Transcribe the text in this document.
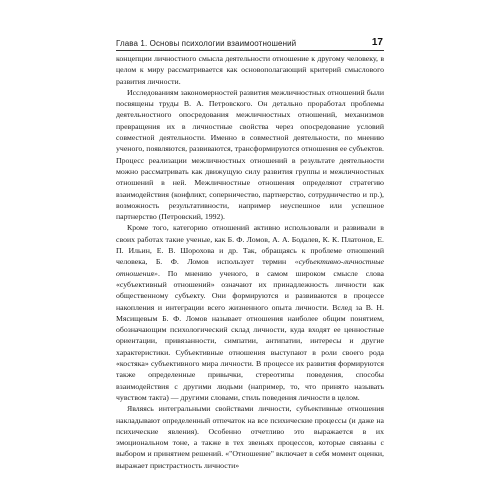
Глава 1. Основы психологии взаимоотношений	17

концепции личностного смысла деятельности отношение к другому человеку, в целом к миру рассматривается как основополагающий критерий смыслового развития личности.

Исследованиям закономерностей развития межличностных отношений были посвящены труды В. А. Петровского. Он детально проработал проблемы деятельностного опосредования межличностных отношений, механизмов превращения их в личностные свойства через опосредование условий совместной деятельности. Именно в совместной деятельности, по мнению ученого, появляются, развиваются, трансформируются отношения ее субъектов. Процесс реализации межличностных отношений в результате деятельности можно рассматривать как движущую силу развития группы и межличностных отношений в ней. Межличностные отношения определяют стратегию взаимодействия (конфликт, соперничество, партнерство, сотрудничество и пр.), возможность результативности, например неуспешное или успешное партнерство (Петровский, 1992).

Кроме того, категорию отношений активно использовали и развивали в своих работах такие ученые, как Б. Ф. Ломов, А. А. Бодалев, К. К. Платонов, Е. П. Ильин, Е. В. Шорохова и др. Так, обращаясь к проблеме отношений человека, Б. Ф. Ломов использует термин «субъективно-личностные отношения». По мнению ученого, в самом широком смысле слова «субъективный отношений» означают их принадлежность личности как общественному субъекту. Они формируются и развиваются в процессе накопления и интеграции всего жизненного опыта личности. Вслед за В. Н. Мясищевым Б. Ф. Ломов называет отношения наиболее общим понятием, обозначающим психологический склад личности, куда входят ее ценностные ориентации, привязанности, симпатии, антипатии, интересы и другие характеристики. Субъективные отношения выступают в роли своего рода «костяка» субъективного мира личности. В процессе их развития формируются также определенные привычки, стереотипы поведения, способы взаимодействия с другими людьми (например, то, что принято называть чувством такта) — другими словами, стиль поведения личности в целом.

Являясь интегральными свойствами личности, субъективные отношения накладывают определенный отпечаток на все психические процессы (и даже на психические явления). Особенно отчетливо это выражается в их эмоциональном тоне, а также в тех звеньях процессов, которые связаны с выбором и принятием решений. «"Отношение" включает в себя момент оценки, выражает пристрастность личности»
